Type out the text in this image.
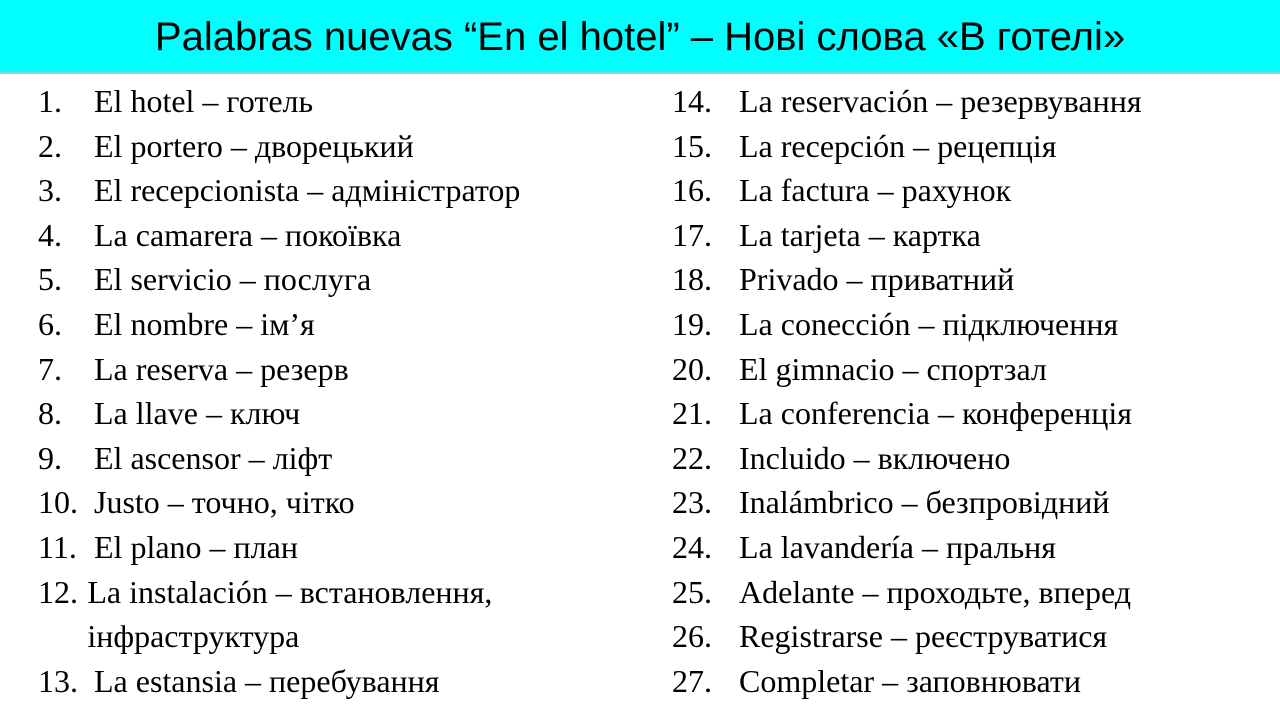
Palabras nuevas “En el hotel” – Нові слова «В готелі»
1.	El hotel – готель
2.	El portero – дворецький
3.	El recepcionista – адміністратор
4.	La camarera – покоївка
5.	El servicio – послуга
6.	El nombre – ім’я
7.	La reserva – резерв
8.	La llave – ключ
9.	El ascensor – ліфт
10. Justo – точно, чітко
11. El plano – план
12. La instalación – встановлення, інфраструктура
13. La estansia – перебування
14. La reservación – резервування
15. La recepción – рецепція
16. La factura – рахунок
17. La tarjeta – картка
18. Privado – приватний
19. La conección – підключення
20. El gimnacio – спортзал
21. La conferencia – конференція
22. Incluido – включено
23. Inalámbrico – безпровідний
24. La lavandería – пральня
25. Adelante – проходьте, вперед
26. Registrarse – реєструватися
27. Completar – заповнювати
